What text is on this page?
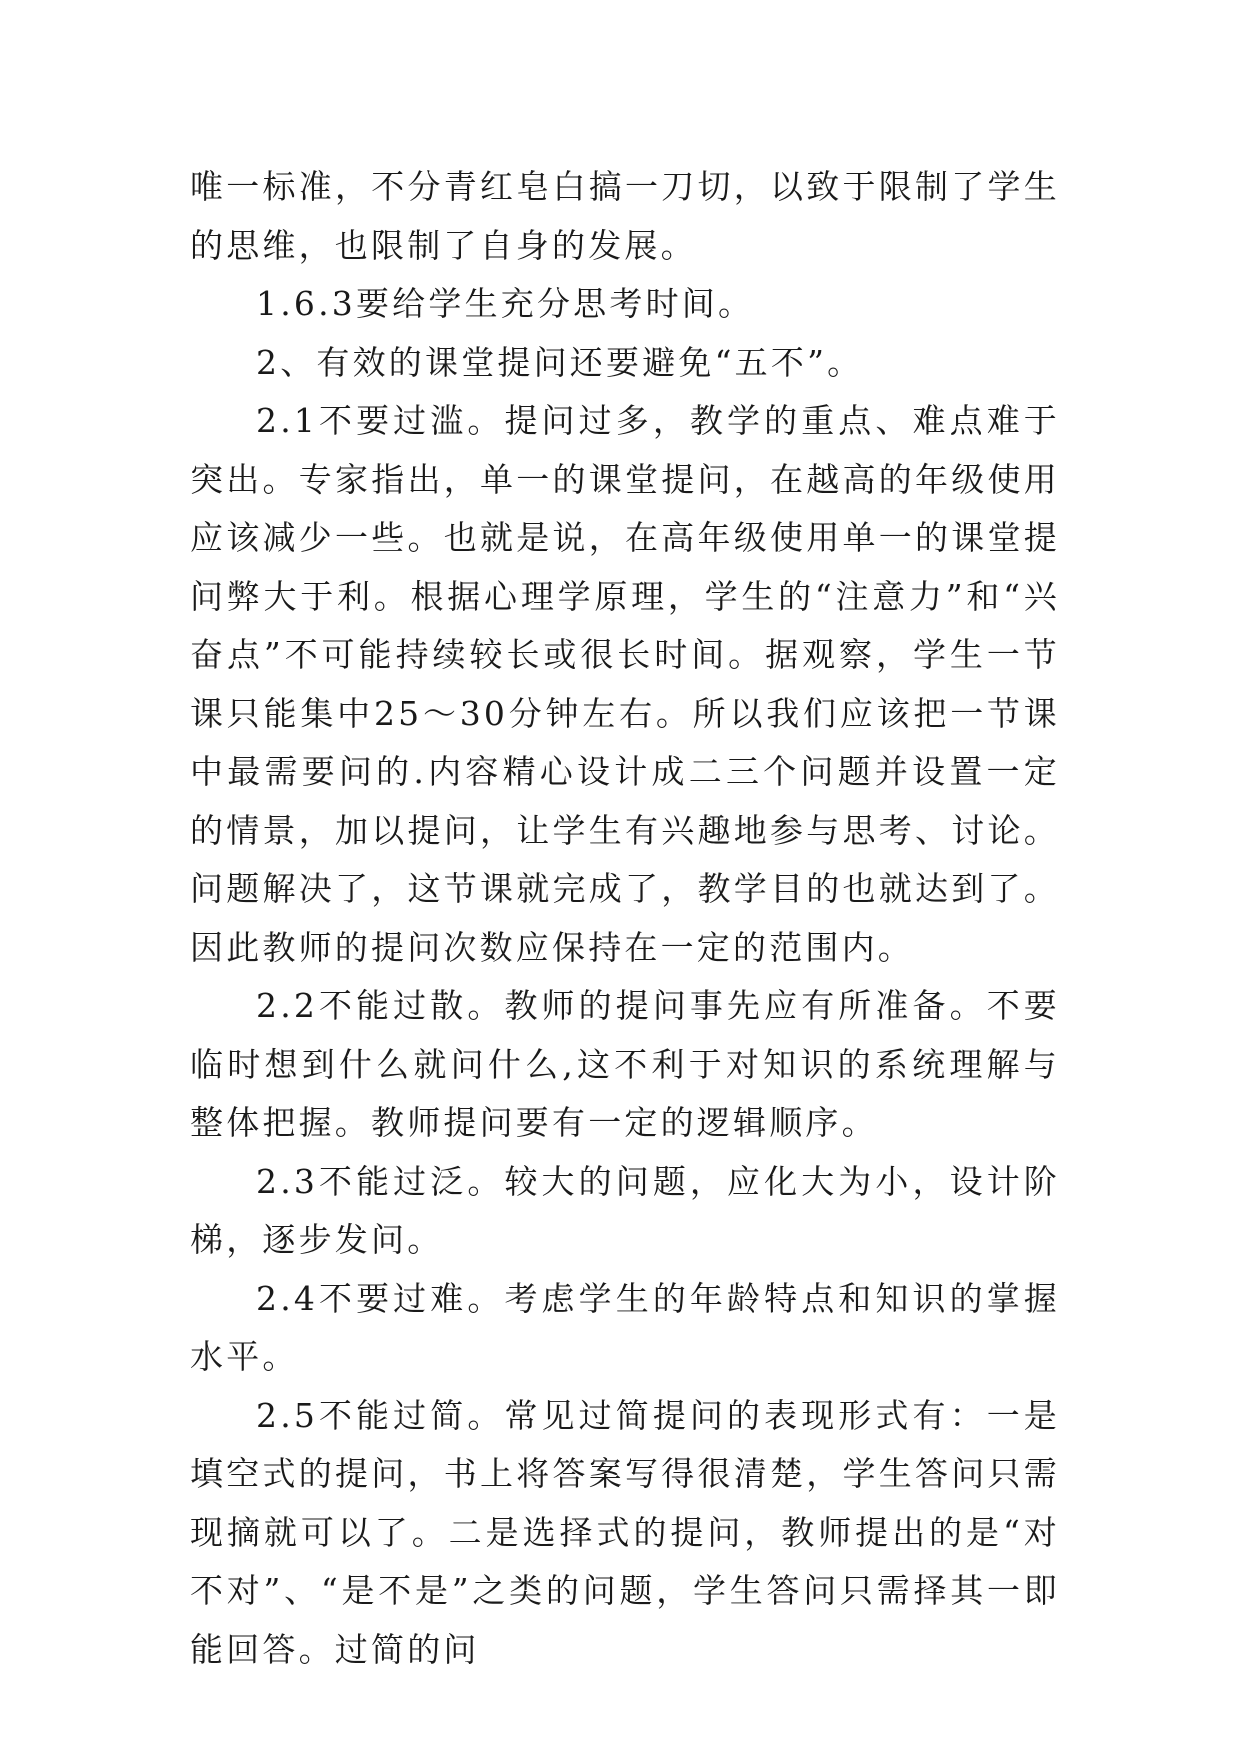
唯一标准，不分青红皂白搞一刀切，以致于限制了学生的思维，也限制了自身的发展。

1.6.3要给学生充分思考时间。

2、有效的课堂提问还要避免“五不”。

2.1不要过滥。提问过多，教学的重点、难点难于突出。专家指出，单一的课堂提问，在越高的年级使用应该减少一些。也就是说，在高年级使用单一的课堂提问弊大于利。根据心理学原理，学生的“注意力”和“兴奋点”不可能持续较长或很长时间。据观察，学生一节课只能集中25～30分钟左右。所以我们应该把一节课中最需要问的.内容精心设计成二三个问题并设置一定的情景，加以提问，让学生有兴趣地参与思考、讨论。问题解决了，这节课就完成了，教学目的也就达到了。因此教师的提问次数应保持在一定的范围内。

2.2不能过散。教师的提问事先应有所准备。不要临时想到什么就问什么,这不利于对知识的系统理解与整体把握。教师提问要有一定的逻辑顺序。

2.3不能过泛。较大的问题，应化大为小，设计阶梯，逐步发问。

2.4不要过难。考虑学生的年龄特点和知识的掌握水平。

2.5不能过简。常见过简提问的表现形式有：一是填空式的提问，书上将答案写得很清楚，学生答问只需现摘就可以了。二是选择式的提问，教师提出的是“对不对”、“是不是”之类的问题，学生答问只需择其一即能回答。过简的问
